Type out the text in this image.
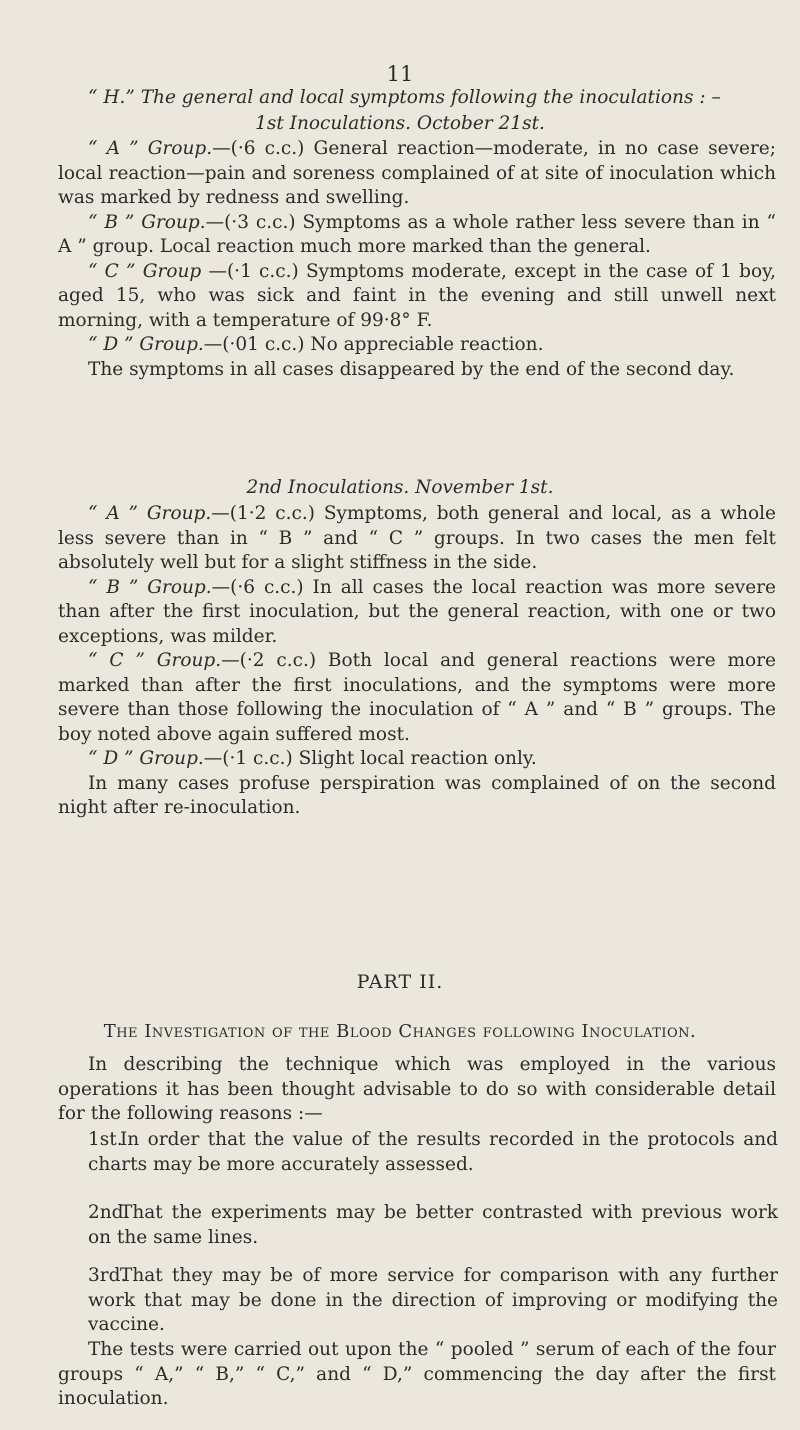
11
“ H.” The general and local symptoms following the inoculations : –
1st Inoculations. October 21st.

“ A ” Group.—(·6 c.c.) General reaction—moderate, in no case severe; local reaction—pain and soreness complained of at site of inoculation which was marked by redness and swelling.

“ B ” Group.—(·3 c.c.) Symptoms as a whole rather less severe than in “ A ” group. Local reaction much more marked than the general.

“ C ” Group —(·1 c.c.) Symptoms moderate, except in the case of 1 boy, aged 15, who was sick and faint in the evening and still unwell next morning, with a temperature of 99·8° F.

“ D ” Group.—(·01 c.c.) No appreciable reaction.

The symptoms in all cases disappeared by the end of the second day.

2nd Inoculations. November 1st.

“ A ” Group.—(1·2 c.c.) Symptoms, both general and local, as a whole less severe than in “ B ” and “ C ” groups. In two cases the men felt absolutely well but for a slight stiffness in the side.

“ B ” Group.—(·6 c.c.) In all cases the local reaction was more severe than after the first inoculation, but the general reaction, with one or two exceptions, was milder.

“ C ” Group.—(·2 c.c.) Both local and general reactions were more marked than after the first inoculations, and the symptoms were more severe than those following the inoculation of “ A ” and “ B ” groups. The boy noted above again suffered most.

“ D ” Group.—(·1 c.c.) Slight local reaction only.

In many cases profuse perspiration was complained of on the second night after re-inoculation.

PART II.
The Investigation of the Blood Changes following Inoculation.

In describing the technique which was employed in the various operations it has been thought advisable to do so with considerable detail for the following reasons :—

1st.In order that the value of the results recorded in the protocols and charts may be more accurately assessed.
2nd.That the experiments may be better contrasted with previous work on the same lines.
3rd.That they may be of more service for comparison with any further work that may be done in the direction of improving or modifying the vaccine.

The tests were carried out upon the “ pooled ” serum of each of the four groups “ A,” “ B,” “ C,” and “ D,” commencing the day after the first inoculation.
